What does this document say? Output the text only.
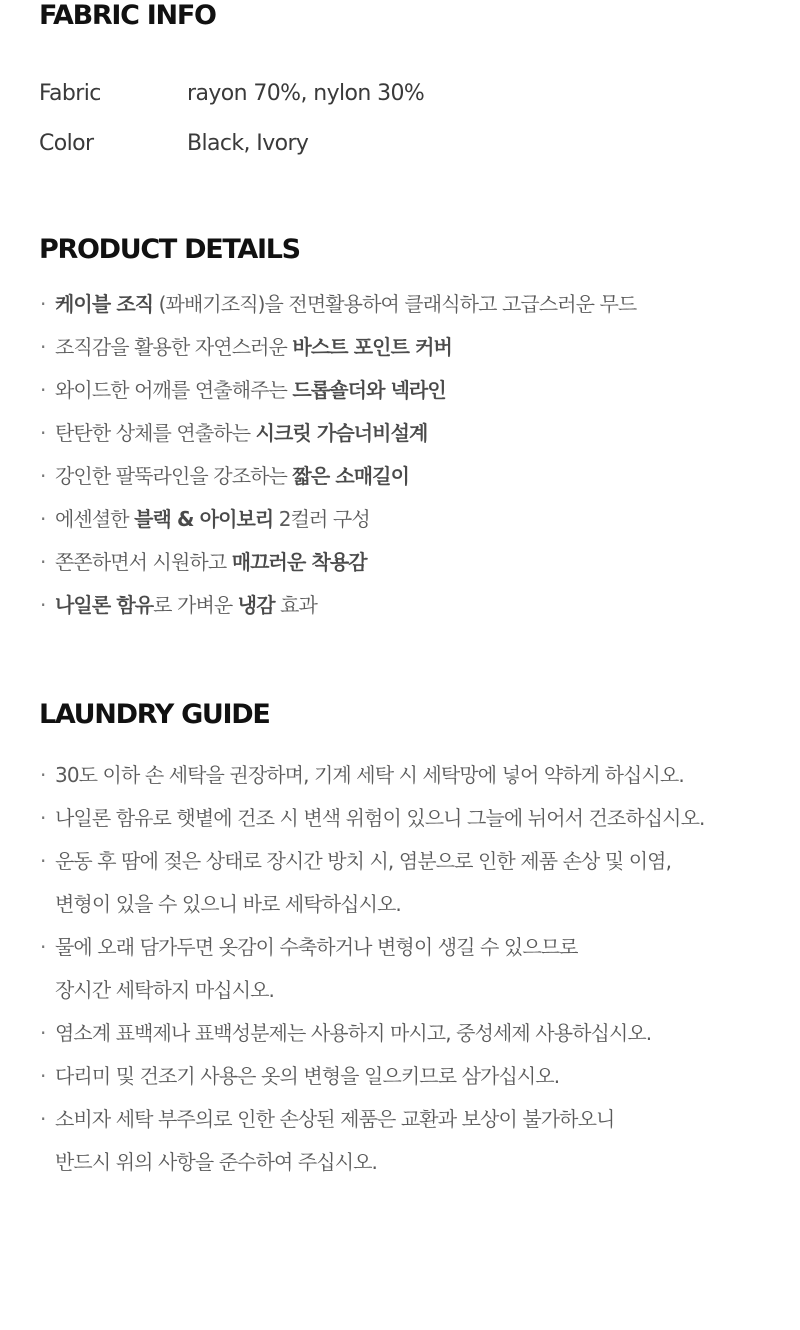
FABRIC INFO
Fabric	rayon 70%, nylon 30%
Color	Black, Ivory
PRODUCT DETAILS
· 케이블 조직 (꽈배기조직)을 전면활용하여 클래식하고 고급스러운 무드
· 조직감을 활용한 자연스러운 바스트 포인트 커버
· 와이드한 어깨를 연출해주는 드롭숄더와 넥라인
· 탄탄한 상체를 연출하는 시크릿 가슴너비설계
· 강인한 팔뚝라인을 강조하는 짧은 소매길이
· 에센셜한 블랙 & 아이보리 2컬러 구성
· 쫀쫀하면서 시원하고 매끄러운 착용감
· 나일론 함유로 가벼운 냉감 효과
LAUNDRY GUIDE
· 30도 이하 손 세탁을 권장하며, 기계 세탁 시 세탁망에 넣어 약하게 하십시오.
· 나일론 함유로 햇볕에 건조 시 변색 위험이 있으니 그늘에 뉘어서 건조하십시오.
· 운동 후 땀에 젖은 상태로 장시간 방치 시, 염분으로 인한 제품 손상 및 이염,
변형이 있을 수 있으니 바로 세탁하십시오.
· 물에 오래 담가두면 옷감이 수축하거나 변형이 생길 수 있으므로
장시간 세탁하지 마십시오.
· 염소계 표백제나 표백성분제는 사용하지 마시고, 중성세제 사용하십시오.
· 다리미 및 건조기 사용은 옷의 변형을 일으키므로 삼가십시오.
· 소비자 세탁 부주의로 인한 손상된 제품은 교환과 보상이 불가하오니
반드시 위의 사항을 준수하여 주십시오.
